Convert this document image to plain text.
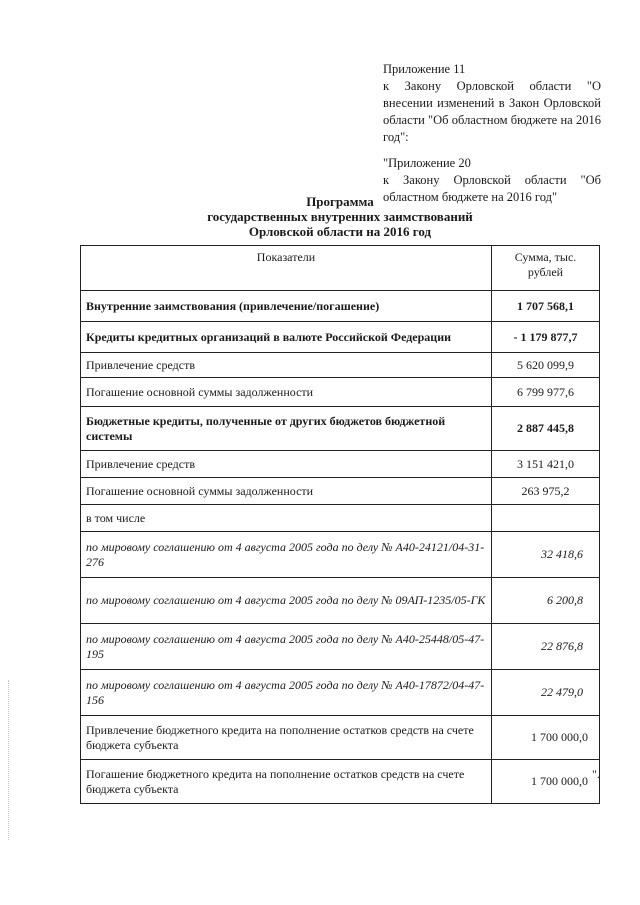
Приложение 11

к Закону Орловской области "О внесении изменений в Закон Орловской области "Об областном бюджете на 2016 год":

"Приложение 20

к Закону Орловской области "Об областном бюджете на 2016 год"

Программа
государственных внутренних заимствований
Орловской области на 2016 год
Показатели	Сумма, тыс. рублей
Внутренние заимствования (привлечение/погашение)	1 707 568,1
Кредиты кредитных организаций в валюте Российской Федерации	- 1 179 877,7
Привлечение средств	5 620 099,9
Погашение основной суммы задолженности	6 799 977,6
Бюджетные кредиты, полученные от других бюджетов бюджетной системы	2 887 445,8
Привлечение средств	3 151 421,0
Погашение основной суммы задолженности	263 975,2
в том числе	
по мировому соглашению от 4 августа 2005 года по делу № А40-24121/04-31-276	32 418,6
по мировому соглашению от 4 августа 2005 года по делу № 09АП-1235/05-ГК	6 200,8
по мировому соглашению от 4 августа 2005 года по делу № А40-25448/05-47-195	22 876,8
по мировому соглашению от 4 августа 2005 года по делу № А40-17872/04-47-156	22 479,0
Привлечение бюджетного кредита на пополнение остатков средств на счете бюджета субъекта	1 700 000,0
Погашение бюджетного кредита на пополнение остатков средств на счете бюджета субъекта	1 700 000,0 ".
